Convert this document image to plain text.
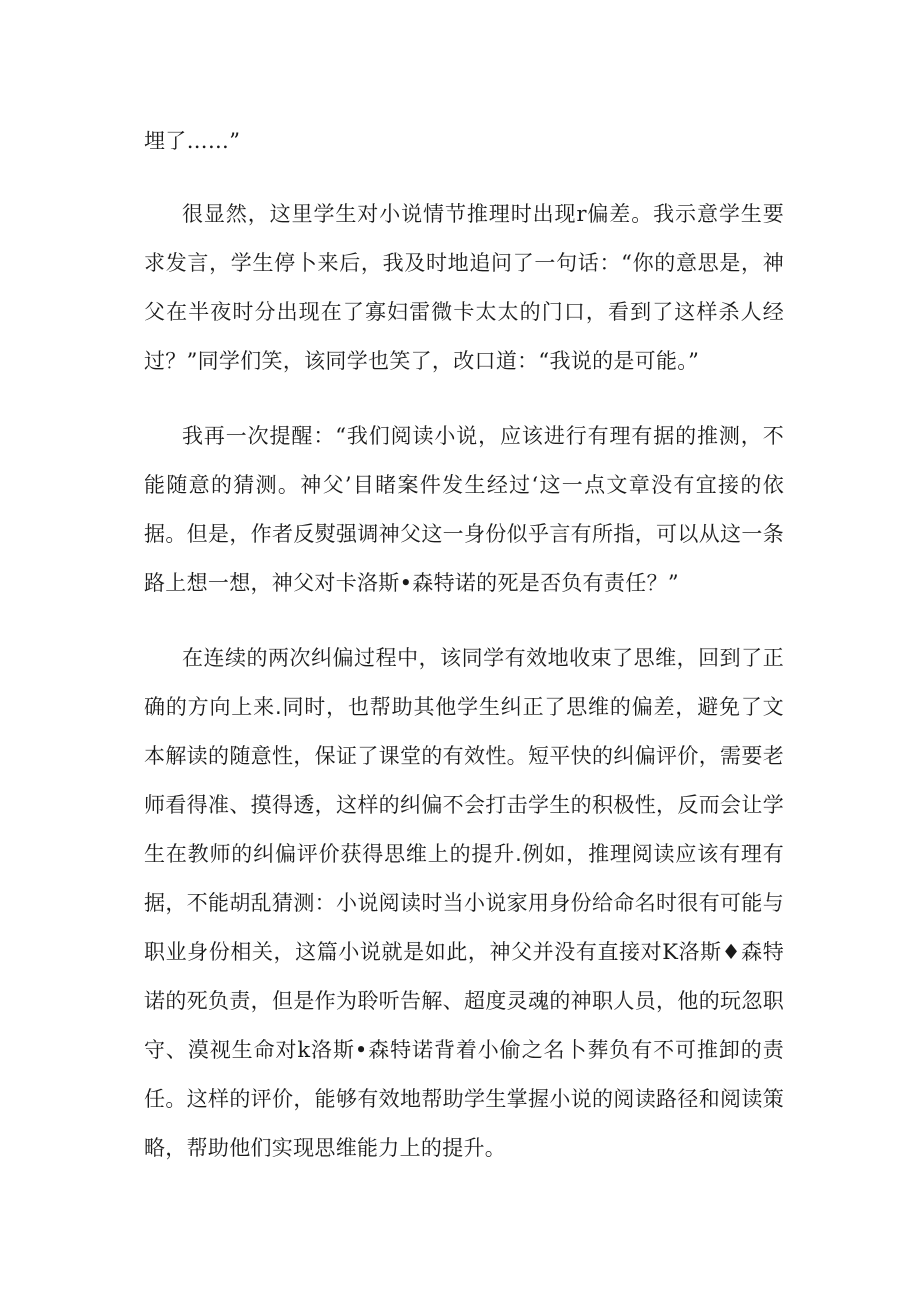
埋了……”

很显然，这里学生对小说情节推理时出现r偏差。我示意学生要求发言，学生停卜来后，我及时地追问了一句话：“你的意思是，神父在半夜时分出现在了寡妇雷微卡太太的门口，看到了这样杀人经过？”同学们笑，该同学也笑了，改口道：“我说的是可能。”

我再一次提醒：“我们阅读小说，应该进行有理有据的推测，不能随意的猜测。神父’目睹案件发生经过‘这一点文章没有宜接的依据。但是，作者反熨强调神父这一身份似乎言有所指，可以从这一条路上想一想，神父对卡洛斯•森特诺的死是否负有责任？”

在连续的两次纠偏过程中，该同学有效地收束了思维，回到了正确的方向上来.同时，也帮助其他学生纠正了思维的偏差，避免了文本解读的随意性，保证了课堂的有效性。短平快的纠偏评价，需要老师看得准、摸得透，这样的纠偏不会打击学生的积极性，反而会让学生在教师的纠偏评价获得思维上的提升.例如，推理阅读应该有理有据，不能胡乱猜测：小说阅读时当小说家用身份给命名时很有可能与职业身份相关，这篇小说就是如此，神父并没有直接对K洛斯♦森特诺的死负责，但是作为聆听告解、超度灵魂的神职人员，他的玩忽职守、漠视生命对k洛斯•森特诺背着小偷之名卜葬负有不可推卸的责任。这样的评价，能够有效地帮助学生掌握小说的阅读路径和阅读策略，帮助他们实现思维能力上的提升。
